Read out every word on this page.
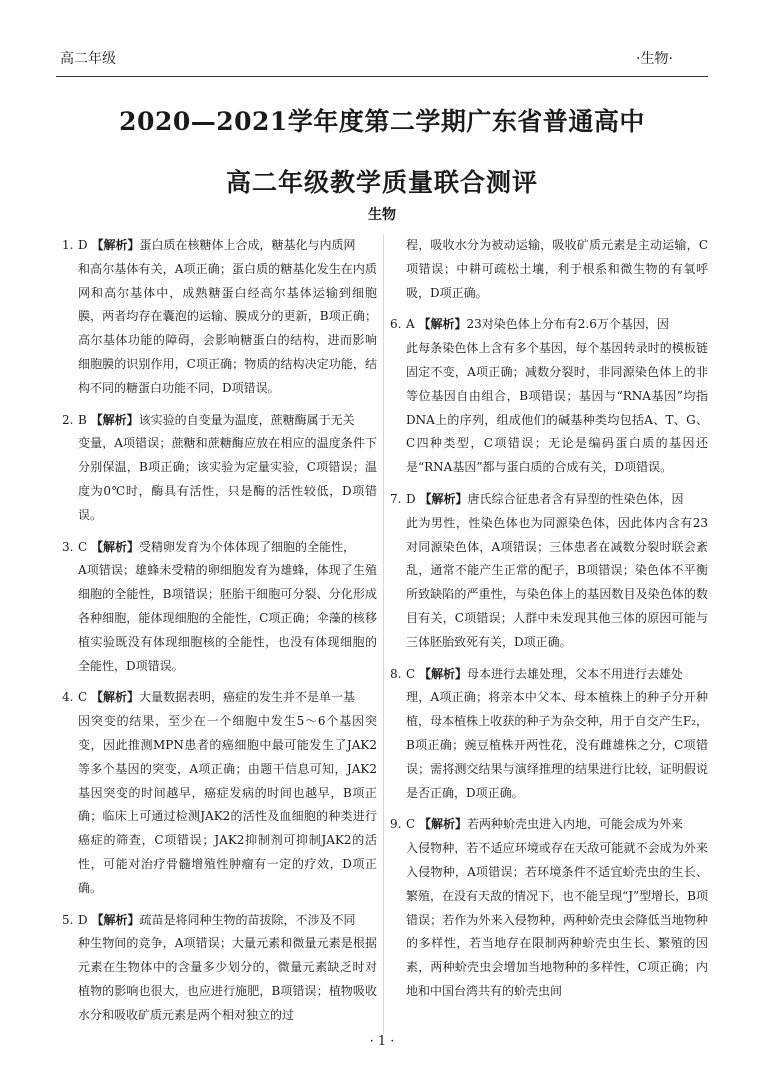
高二年级	·生物·
2020—2021学年度第二学期广东省普通高中
高二年级教学质量联合测评
生物
1. D 【解析】蛋白质在核糖体上合成，糖基化与内质网
和高尔基体有关，A项正确；蛋白质的糖基化发生在内质网和高尔基体中，成熟糖蛋白经高尔基体运输到细胞膜，两者均存在囊泡的运输、膜成分的更新，B项正确；高尔基体功能的障碍，会影响糖蛋白的结构，进而影响细胞膜的识别作用，C项正确；物质的结构决定功能，结构不同的糖蛋白功能不同，D项错误。
2. B 【解析】该实验的自变量为温度，蔗糖酶属于无关
变量，A项错误；蔗糖和蔗糖酶应放在相应的温度条件下分别保温，B项正确；该实验为定量实验，C项错误；温度为0℃时，酶具有活性，只是酶的活性较低，D项错误。
3. C 【解析】受精卵发育为个体体现了细胞的全能性，
A项错误；雄蜂未受精的卵细胞发育为雄蜂，体现了生殖细胞的全能性，B项错误；胚胎干细胞可分裂、分化形成各种细胞，能体现细胞的全能性，C项正确；伞藻的核移植实验既没有体现细胞核的全能性，也没有体现细胞的全能性，D项错误。
4. C 【解析】大量数据表明，癌症的发生并不是单一基
因突变的结果，至少在一个细胞中发生5～6个基因突变，因此推测MPN患者的癌细胞中最可能发生了JAK2等多个基因的突变，A项正确；由题干信息可知，JAK2基因突变的时间越早，癌症发病的时间也越早，B项正确；临床上可通过检测JAK2的活性及血细胞的种类进行癌症的筛查，C项错误；JAK2抑制剂可抑制JAK2的活性，可能对治疗骨髓增殖性肿瘤有一定的疗效，D项正确。
5. D 【解析】疏苗是将同种生物的苗拔除，不涉及不同
种生物间的竞争，A项错误；大量元素和微量元素是根据元素在生物体中的含量多少划分的，微量元素缺乏时对植物的影响也很大，也应进行施肥，B项错误；植物吸收水分和吸收矿质元素是两个相对独立的过
程，吸收水分为被动运输，吸收矿质元素是主动运输，C项错误；中耕可疏松土壤，利于根系和微生物的有氧呼吸，D项正确。
6. A 【解析】23对染色体上分布有2.6万个基因，因
此每条染色体上含有多个基因，每个基因转录时的模板链固定不变，A项正确；减数分裂时，非同源染色体上的非等位基因自由组合，B项错误；基因与“RNA基因”均指DNA上的序列，组成他们的碱基种类均包括A、T、G、C四种类型，C项错误；无论是编码蛋白质的基因还是“RNA基因”都与蛋白质的合成有关，D项错误。
7. D 【解析】唐氏综合征患者含有异型的性染色体，因
此为男性，性染色体也为同源染色体，因此体内含有23对同源染色体，A项错误；三体患者在减数分裂时联会紊乱，通常不能产生正常的配子，B项错误；染色体不平衡所致缺陷的严重性，与染色体上的基因数目及染色体的数目有关，C项错误；人群中未发现其他三体的原因可能与三体胚胎致死有关，D项正确。
8. C 【解析】母本进行去雄处理，父本不用进行去雄处
理，A项正确；将亲本中父本、母本植株上的种子分开种植，母本植株上收获的种子为杂交种，用于自交产生F₂，B项正确；豌豆植株开两性花，没有雌雄株之分，C项错误；需将测交结果与演绎推理的结果进行比较，证明假说是否正确，D项正确。
9. C 【解析】若两种蚧壳虫进入内地，可能会成为外来
入侵物种，若不适应环境或存在天敌可能就不会成为外来入侵物种，A项错误；若环境条件不适宜蚧壳虫的生长、繁殖，在没有天敌的情况下，也不能呈现“J”型增长，B项错误；若作为外来入侵物种，两种蚧壳虫会降低当地物种的多样性，若当地存在限制两种蚧壳虫生长、繁殖的因素，两种蚧壳虫会增加当地物种的多样性，C项正确；内地和中国台湾共有的蚧壳虫间
· 1 ·
